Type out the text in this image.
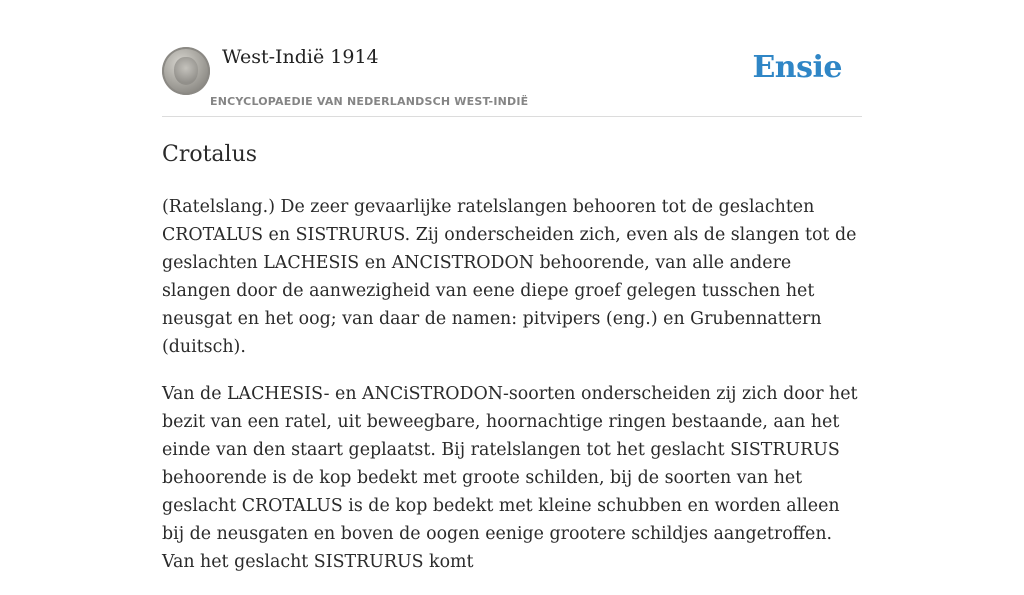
West-Indië 1914
ENCYCLOPAEDIE VAN NEDERLANDSCH WEST-INDIË
Ensie
Crotalus

(Ratelslang.) De zeer gevaarlijke ratelslangen behooren tot de geslachten CROTALUS en SISTRURUS. Zij onderscheiden zich, even als de slangen tot de geslachten LACHESIS en ANCISTRODON behoorende, van alle andere slangen door de aanwezigheid van eene diepe groef gelegen tusschen het neusgat en het oog; van daar de namen: pitvipers (eng.) en Grubennattern (duitsch).

Van de LACHESIS- en ANCiSTRODON-soorten onderscheiden zij zich door het bezit van een ratel, uit beweegbare, hoornachtige ringen bestaande, aan het einde van den staart geplaatst. Bij ratelslangen tot het geslacht SISTRURUS behoorende is de kop bedekt met groote schilden, bij de soorten van het geslacht CROTALUS is de kop bedekt met kleine schubben en worden alleen bij de neusgaten en boven de oogen eenige grootere schildjes aangetroffen. Van het geslacht SISTRURUS komt
